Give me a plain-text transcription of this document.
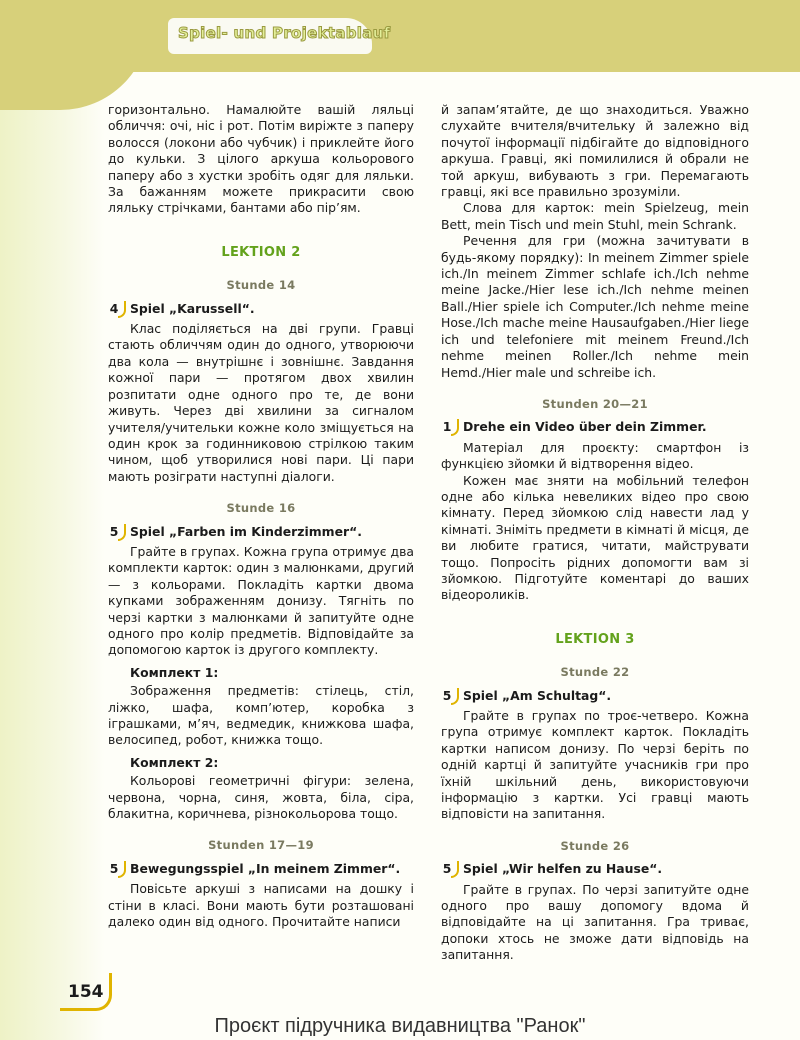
Spiel- und Projektablauf

горизонтально. Намалюйте вашій ляльці обличчя: очі, ніс і рот. Потім виріжте з паперу волосся (локони або чубчик) і приклейте його до кульки. З цілого аркуша кольорового паперу або з хустки зробіть одяг для ляльки. За бажанням можете прикрасити свою ляльку стрічками, бантами або пір’ям.

LEKTION 2
Stunde 14
4 Spiel „Karussell“.

Клас поділяється на дві групи. Гравці стають обличчям один до одного, утворюючи два кола — внутрішнє і зовнішнє. Завдання кожної пари — протягом двох хвилин розпитати одне одного про те, де вони живуть. Через дві хвилини за сигналом учителя/учительки кожне коло зміщується на один крок за годинниковою стрілкою таким чином, щоб утворилися нові пари. Ці пари мають розіграти наступні діалоги.

Stunde 16
5 Spiel „Farben im Kinderzimmer“.

Грайте в групах. Кожна група отримує два комплекти карток: один з малюнками, другий — з кольорами. Покладіть картки двома купками зображенням донизу. Тягніть по черзі картки з малюнками й запитуйте одне одного про колір предметів. Відповідайте за допомогою карток із другого комплекту.

Комплект 1:

Зображення предметів: стілець, стіл, ліжко, шафа, комп’ютер, коробка з іграшками, м’яч, ведмедик, книжкова шафа, велосипед, робот, книжка тощо.

Комплект 2:

Кольорові геометричні фігури: зелена, червона, чорна, синя, жовта, біла, сіра, блакитна, коричнева, різнокольорова тощо.

Stunden 17—19
5 Bewegungsspiel „In meinem Zimmer“.

Повісьте аркуші з написами на дошку і стіни в класі. Вони мають бути розташовані далеко один від одного. Прочитайте написи

й запам’ятайте, де що знаходиться. Уважно слухайте вчителя/вчительку й залежно від почутої інформації підбігайте до відповідного аркуша. Гравці, які помилилися й обрали не той аркуш, вибувають з гри. Перемагають гравці, які все правильно зрозуміли.

Слова для карток: mein Spielzeug, mein Bett, mein Tisch und mein Stuhl, mein Schrank.

Речення для гри (можна зачитувати в будь-якому порядку): In meinem Zimmer spiele ich./In meinem Zimmer schlafe ich./Ich nehme meine Jacke./Hier lese ich./Ich nehme meinen Ball./Hier spiele ich Computer./Ich nehme meine Hose./Ich mache meine Hausaufgaben./Hier liege ich und telefoniere mit meinem Freund./Ich nehme meinen Roller./Ich nehme mein Hemd./Hier male und schreibe ich.

Stunden 20—21
1 Drehe ein Video über dein Zimmer.

Матеріал для проєкту: смартфон із функцією зйомки й відтворення відео.

Кожен має зняти на мобільний телефон одне або кілька невеликих відео про свою кімнату. Перед зйомкою слід навести лад у кімнаті. Зніміть предмети в кімнаті й місця, де ви любите гратися, читати, майструвати тощо. Попросіть рідних допомогти вам зі зйомкою. Підготуйте коментарі до ваших відеороликів.

LEKTION 3
Stunde 22
5 Spiel „Am Schultag“.

Грайте в групах по троє-четверо. Кожна група отримує комплект карток. Покладіть картки написом донизу. По черзі беріть по одній картці й запитуйте учасників гри про їхній шкільний день, використовуючи інформацію з картки. Усі гравці мають відповісти на запитання.

Stunde 26
5 Spiel „Wir helfen zu Hause“.

Грайте в групах. По черзі запитуйте одне одного про вашу допомогу вдома й відповідайте на ці запитання. Гра триває, допоки хтось не зможе дати відповідь на запитання.

154
Проєкт підручника видавництва "Ранок"
